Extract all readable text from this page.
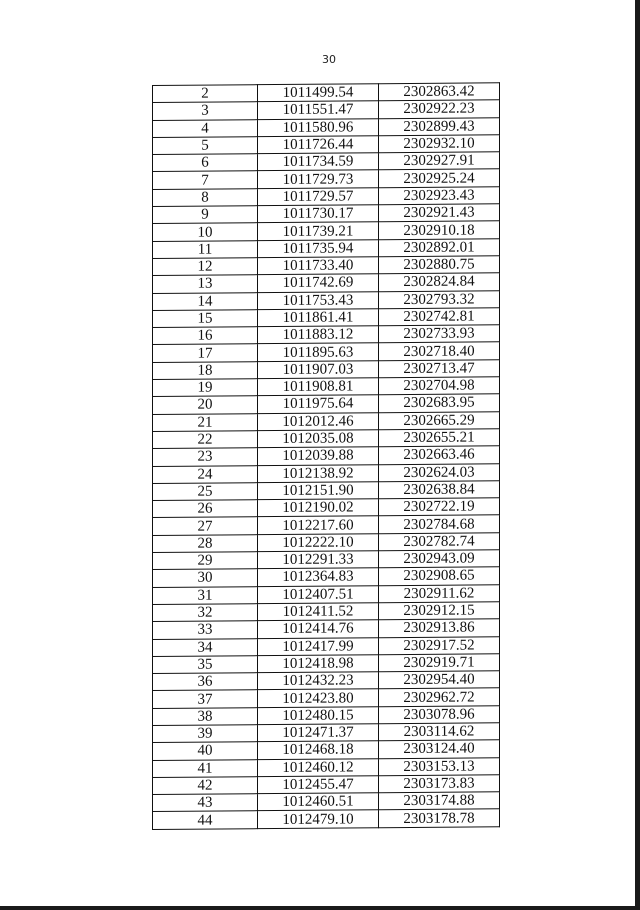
30
2	1011499.54	2302863.42
3	1011551.47	2302922.23
4	1011580.96	2302899.43
5	1011726.44	2302932.10
6	1011734.59	2302927.91
7	1011729.73	2302925.24
8	1011729.57	2302923.43
9	1011730.17	2302921.43
10	1011739.21	2302910.18
11	1011735.94	2302892.01
12	1011733.40	2302880.75
13	1011742.69	2302824.84
14	1011753.43	2302793.32
15	1011861.41	2302742.81
16	1011883.12	2302733.93
17	1011895.63	2302718.40
18	1011907.03	2302713.47
19	1011908.81	2302704.98
20	1011975.64	2302683.95
21	1012012.46	2302665.29
22	1012035.08	2302655.21
23	1012039.88	2302663.46
24	1012138.92	2302624.03
25	1012151.90	2302638.84
26	1012190.02	2302722.19
27	1012217.60	2302784.68
28	1012222.10	2302782.74
29	1012291.33	2302943.09
30	1012364.83	2302908.65
31	1012407.51	2302911.62
32	1012411.52	2302912.15
33	1012414.76	2302913.86
34	1012417.99	2302917.52
35	1012418.98	2302919.71
36	1012432.23	2302954.40
37	1012423.80	2302962.72
38	1012480.15	2303078.96
39	1012471.37	2303114.62
40	1012468.18	2303124.40
41	1012460.12	2303153.13
42	1012455.47	2303173.83
43	1012460.51	2303174.88
44	1012479.10	2303178.78
